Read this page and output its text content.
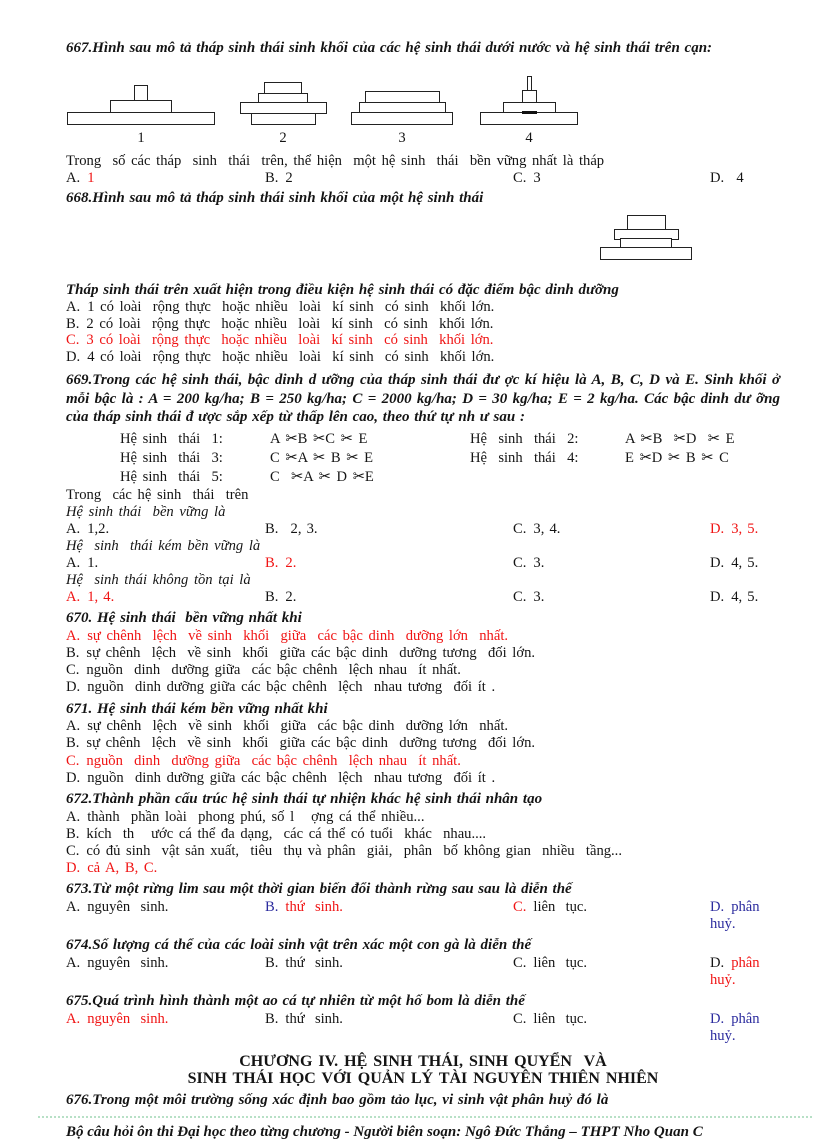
667.Hình sau mô tả tháp sinh thái sinh khối của các hệ sinh thái dưới nước và hệ sinh thái trên cạn:
1	2	3	4
Trong  số các tháp  sinh  thái  trên, thể hiện  một hệ sinh  thái  bền vững nhất là tháp
A. 1	B. 2	C. 3	D. 4
668.Hình sau mô tả tháp sinh thái sinh khối của một hệ sinh thái
Tháp sinh thái trên xuất hiện trong điều kiện hệ sinh thái có đặc điểm bậc dinh dưỡng
A. 1 có loài  rộng thực  hoặc nhiều  loài  kí sinh  có sinh  khối lớn.
B. 2 có loài  rộng thực  hoặc nhiều  loài  kí sinh  có sinh  khối lớn.
C. 3 có loài  rộng thực  hoặc nhiều  loài  kí sinh  có sinh  khối lớn.
D. 4 có loài  rộng thực  hoặc nhiều  loài  kí sinh  có sinh  khối lớn.
669.Trong các hệ sinh thái, bậc dinh d ưỡng của tháp sinh thái đư ợc kí hiệu là A, B, C, D và E. Sinh khối ở mỗi bậc là : A = 200 kg/ha; B = 250 kg/ha; C = 2000 kg/ha; D = 30 kg/ha; E = 2 kg/ha. Các bậc dinh dư ỡng của tháp sinh thái đ ược sắp xếp từ thấp lên cao, theo thứ tự nh ư sau :
Hệ sinh  thái  1:	A ✂B ✂C ✂ E	Hệ  sinh  thái  2:	A ✂B  ✂D  ✂ E
Hệ sinh  thái  3:	C ✂A ✂ B ✂ E	Hệ  sinh  thái  4:	E ✂D ✂ B ✂ C
Hệ sinh  thái  5:	C  ✂A ✂ D ✂E
Trong  các hệ sinh  thái  trên
Hệ sinh thái  bền vững là
A. 1,2.	B. 2, 3.	C. 3, 4.	D. 3, 5.
Hệ  sinh  thái kém bền vững là
A. 1.	B. 2.	C. 3.	D. 4, 5.
Hệ  sinh thái không tồn tại là
A. 1, 4.	B. 2.	C. 3.	D. 4, 5.
670. Hệ sinh thái  bền vững nhất khi
A. sự chênh  lệch  về sinh  khối  giữa  các bậc dinh  dưỡng lớn  nhất.
B. sự chênh  lệch  về sinh  khối  giữa các bậc dinh  dưỡng tương  đối lớn.
C. nguồn  dinh  dưỡng giữa  các bậc chênh  lệch nhau  ít nhất.
D. nguồn  dinh dưỡng giữa các bậc chênh  lệch  nhau tương  đối ít .
671. Hệ sinh thái kém bền vững nhất khi
A. sự chênh  lệch  về sinh  khối  giữa  các bậc dinh  dưỡng lớn  nhất.
B. sự chênh  lệch  về sinh  khối  giữa các bậc dinh  dưỡng tương  đối lớn.
C. nguồn  dinh  dưỡng giữa  các bậc chênh  lệch nhau  ít nhất.
D. nguồn  dinh dưỡng giữa các bậc chênh  lệch  nhau tương  đối ít .
672.Thành phần cấu trúc hệ sinh thái tự nhiện khác hệ sinh thái nhân tạo
A. thành  phần loài  phong phú, số l   ợng cá thể nhiều...
B. kích  th   ước cá thể đa dạng,  các cá thể có tuổi  khác  nhau....
C. có đủ sinh  vật sản xuất,  tiêu  thụ và phân  giải,  phân  bố không gian  nhiều  tầng...
D. cả A, B, C.
673.Từ một rừng lim sau một thời gian biến đổi thành rừng sau sau là diễn thế
A. nguyên  sinh.	B. thứ  sinh.	C. liên  tục.	D. phân  huỷ.
674.Số lượng cá thể của các loài sinh vật trên xác một con gà là diễn thế
A. nguyên  sinh.	B. thứ  sinh.	C. liên  tục.	D. phân  huỷ.
675.Quá trình hình thành một ao cá tự nhiên từ một hố bom là diễn thế
A. nguyên  sinh.	B. thứ  sinh.	C. liên  tục.	D. phân  huỷ.
CHƯƠNG IV. HỆ SINH THÁI, SINH QUYỂN  VÀ
SINH THÁI HỌC VỚI QUẢN LÝ TÀI NGUYÊN THIÊN NHIÊN
676.Trong một môi trường sống xác định bao gồm tảo lục, vi sinh vật phân huỷ đó là
Bộ câu hỏi ôn thi Đại học theo từng chương - Người biên soạn: Ngô Đức Thắng – THPT Nho Quan C
